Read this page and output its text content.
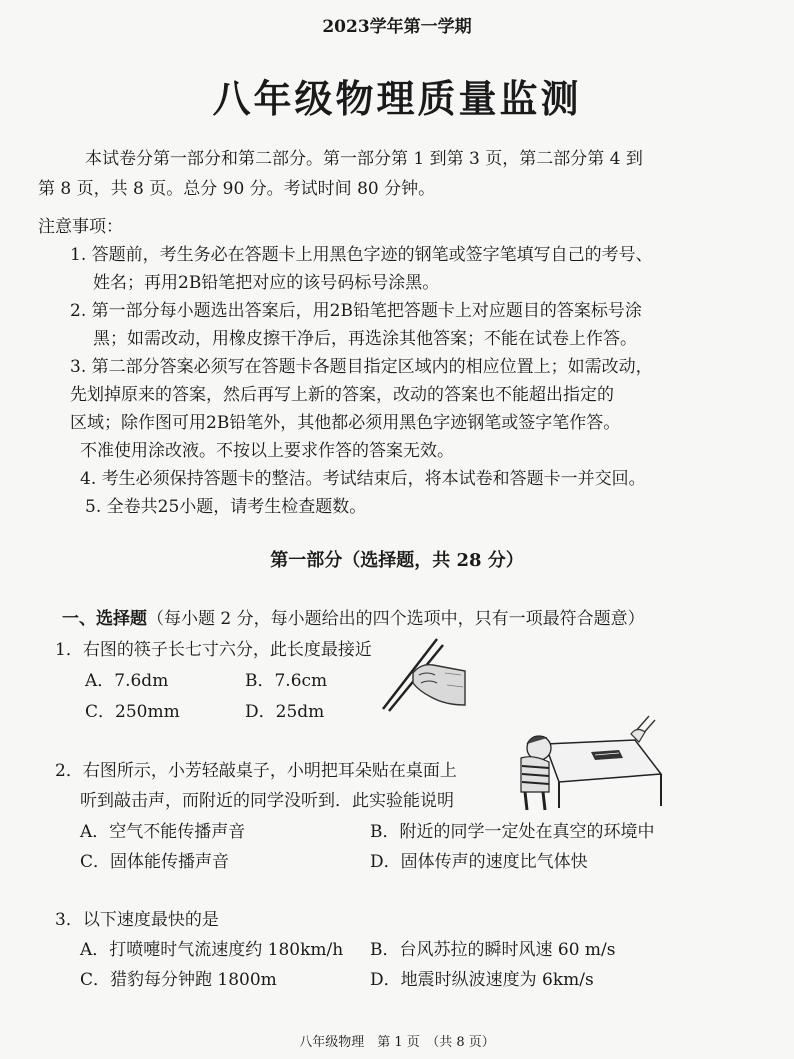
2023学年第一学期
八年级物理质量监测
本试卷分第一部分和第二部分。第一部分第 1 到第 3 页，第二部分第 4 到
第 8 页，共 8 页。总分 90 分。考试时间 80 分钟。
注意事项：
1. 答题前，考生务必在答题卡上用黑色字迹的钢笔或签字笔填写自己的考号、
姓名；再用2B铅笔把对应的该号码标号涂黑。
2. 第一部分每小题选出答案后，用2B铅笔把答题卡上对应题目的答案标号涂
黑；如需改动，用橡皮擦干净后，再选涂其他答案；不能在试卷上作答。
3. 第二部分答案必须写在答题卡各题目指定区域内的相应位置上；如需改动，
先划掉原来的答案，然后再写上新的答案，改动的答案也不能超出指定的
区域；除作图可用2B铅笔外，其他都必须用黑色字迹钢笔或签字笔作答。
不准使用涂改液。不按以上要求作答的答案无效。
4. 考生必须保持答题卡的整洁。考试结束后，将本试卷和答题卡一并交回。
5. 全卷共25小题，请考生检查题数。
第一部分（选择题，共 28 分）
一、选择题（每小题 2 分，每小题给出的四个选项中，只有一项最符合题意）
1．右图的筷子长七寸六分，此长度最接近
A．7.6dm	B．7.6cm
C．250mm	D．25dm
2．右图所示，小芳轻敲桌子，小明把耳朵贴在桌面上
听到敲击声，而附近的同学没听到．此实验能说明
A．空气不能传播声音	B．附近的同学一定处在真空的环境中
C．固体能传播声音	D．固体传声的速度比气体快
3．以下速度最快的是
A．打喷嚏时气流速度约 180km/h B．台风苏拉的瞬时风速 60 m/s
C．猎豹每分钟跑 1800m	D．地震时纵波速度为 6km/s
八年级物理　第 1 页　（共 8 页）
